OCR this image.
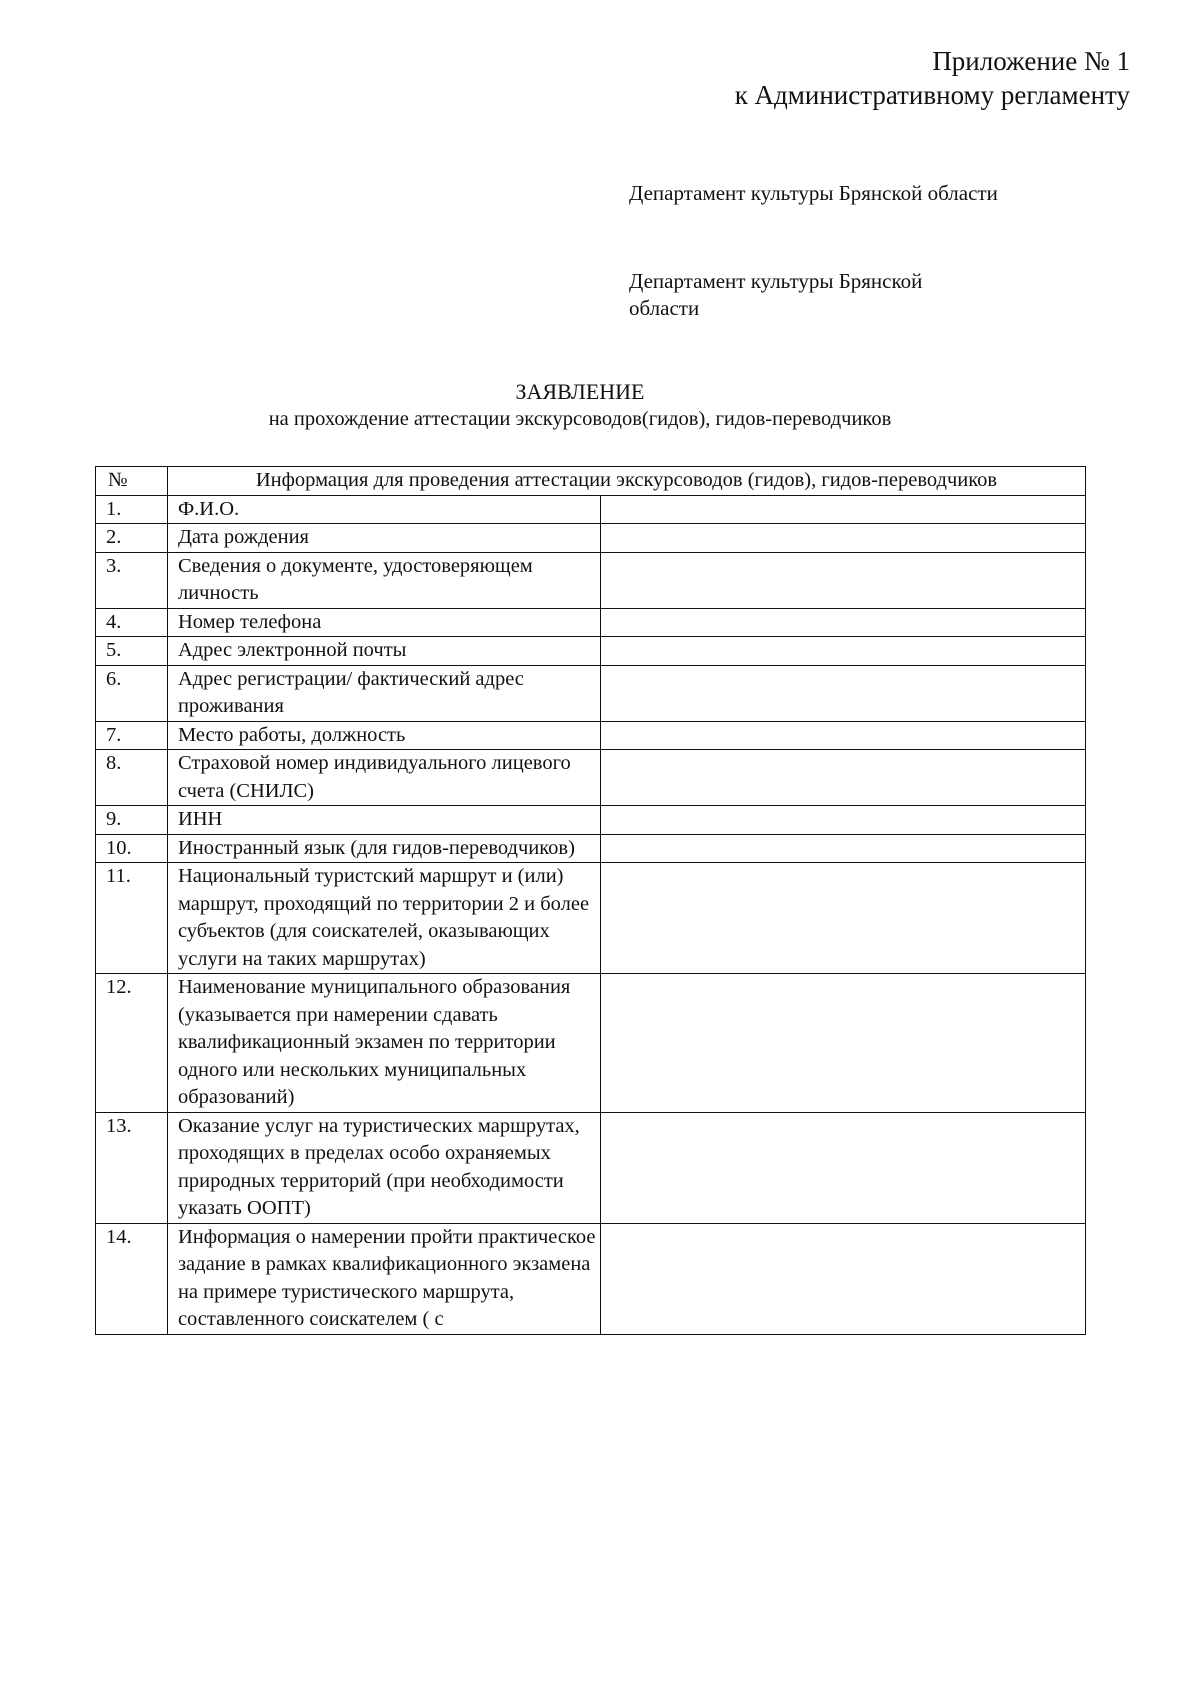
Приложение № 1
к Административному регламенту
Департамент культуры Брянской области
Департамент культуры Брянской области
ЗАЯВЛЕНИЕ
на прохождение аттестации экскурсоводов(гидов), гидов-переводчиков
№	Информация для проведения аттестации экскурсоводов (гидов), гидов-переводчиков	
1.	Ф.И.О.	
2.	Дата рождения	
3.	Сведения о документе, удостоверяющем личность	
4.	Номер телефона	
5.	Адрес электронной почты	
6.	Адрес регистрации/ фактический адрес проживания	
7.	Место работы, должность	
8.	Страховой номер индивидуального лицевого счета (СНИЛС)	
9.	ИНН	
10.	Иностранный язык (для гидов-переводчиков)	
11.	Национальный туристский маршрут и (или) маршрут, проходящий по территории 2 и более субъектов (для соискателей, оказывающих услуги на таких маршрутах)	
12.	Наименование муниципального образования (указывается при намерении сдавать квалификационный экзамен по территории одного или нескольких муниципальных образований)	
13.	Оказание услуг на туристических маршрутах, проходящих в пределах особо охраняемых природных территорий (при необходимости указать ООПТ)	
14.	Информация о намерении пройти практическое задание в рамках квалификационного экзамена на примере туристического маршрута, составленного соискателем ( с	
